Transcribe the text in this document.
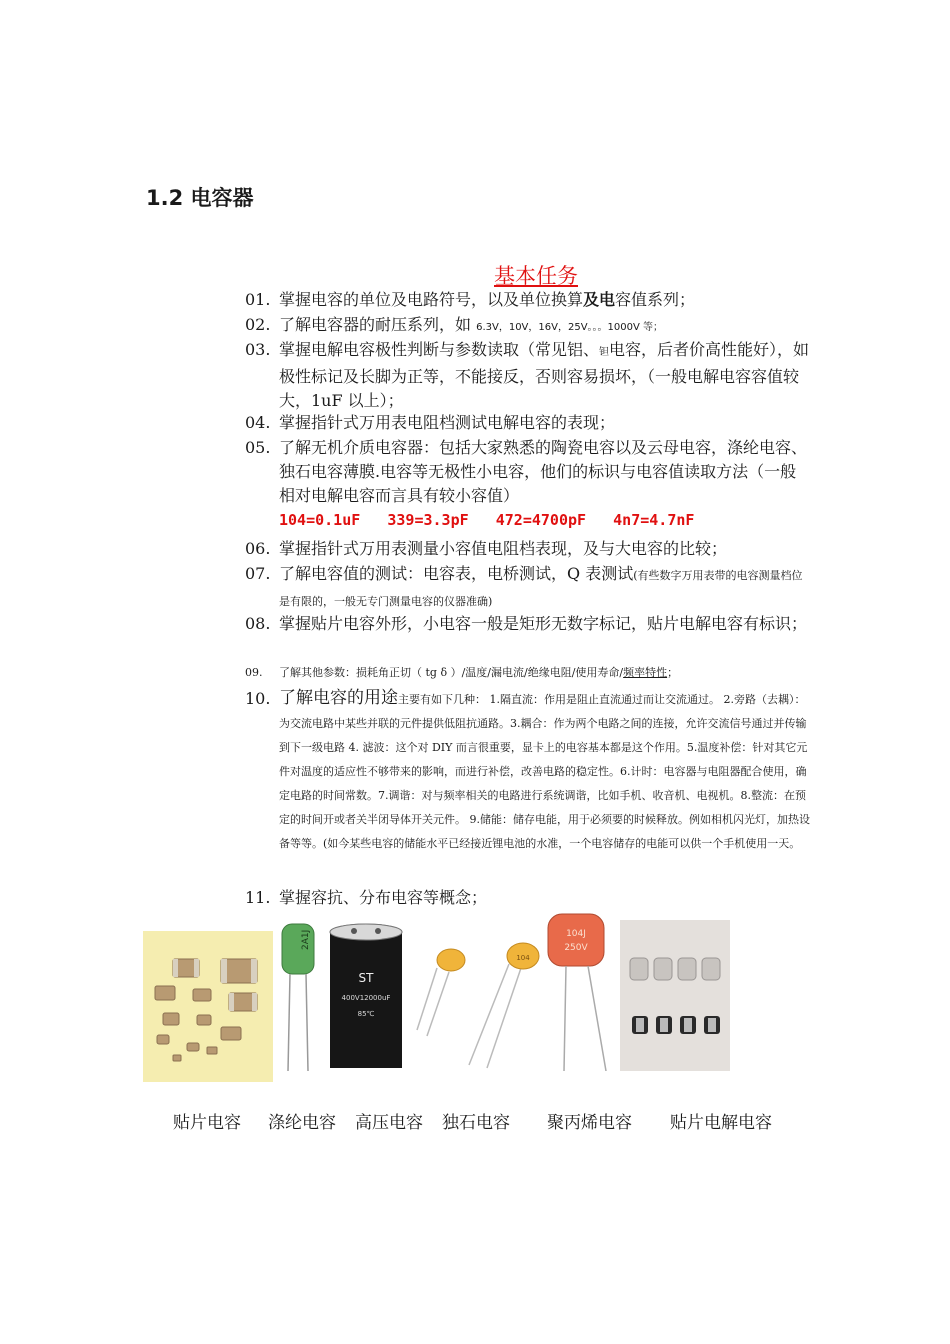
1.2 电容器
基本任务
01. 掌握电容的单位及电路符号，以及单位换算及电容值系列；
02. 了解电容器的耐压系列，如 6.3V，10V，16V，25V。。。1000V 等；
03. 掌握电解电容极性判断与参数读取（常见铝、钽电容，后者价高性能好），如极性标记及长脚为正等，不能接反，否则容易损坏，（一般电解电容容值较大，1uF 以上）；
04. 掌握指针式万用表电阻档测试电解电容的表现；
05. 了解无机介质电容器：包括大家熟悉的陶瓷电容以及云母电容，涤纶电容、独石电容薄膜.电容等无极性小电容，他们的标识与电容值读取方法（一般相对电解电容而言具有较小容值）
104=0.1uF   339=3.3pF   472=4700pF   4n7=4.7nF
06. 掌握指针式万用表测量小容值电阻档表现，及与大电容的比较；
07. 了解电容值的测试：电容表，电桥测试，Q 表测试(有些数字万用表带的电容测量档位是有限的，一般无专门测量电容的仪器准确)
08. 掌握贴片电容外形，小电容一般是矩形无数字标记，贴片电解电容有标识；
09.	了解其他参数：损耗角正切（ tg δ ）/温度/漏电流/绝缘电阻/使用寿命/频率特性；
10. 了解电容的用途主要有如下几种： 1.隔直流：作用是阻止直流通过而让交流通过。 2.旁路（去耦）：为交流电路中某些并联的元件提供低阻抗通路。3.耦合：作为两个电路之间的连接，允许交流信号通过并传输到下一级电路 4. 滤波：这个对 DIY 而言很重要，显卡上的电容基本都是这个作用。5.温度补偿：针对其它元件对温度的适应性不够带来的影响，而进行补偿，改善电路的稳定性。6.计时：电容器与电阻器配合使用，确定电路的时间常数。7.调谐：对与频率相关的电路进行系统调谐，比如手机、收音机、电视机。8.整流：在预定的时间开或者关半闭导体开关元件。 9.储能：储存电能，用于必须要的时候释放。例如相机闪光灯，加热设备等等。(如今某些电容的储能水平已经接近锂电池的水准，一个电容储存的电能可以供一个手机使用一天。
11. 掌握容抗、分布电容等概念；
2A1J
ST
400V12000uF
85℃
104
104J
250V
贴片电容 涤纶电容 高压电容 独石电容 聚丙烯电容 贴片电解电容
